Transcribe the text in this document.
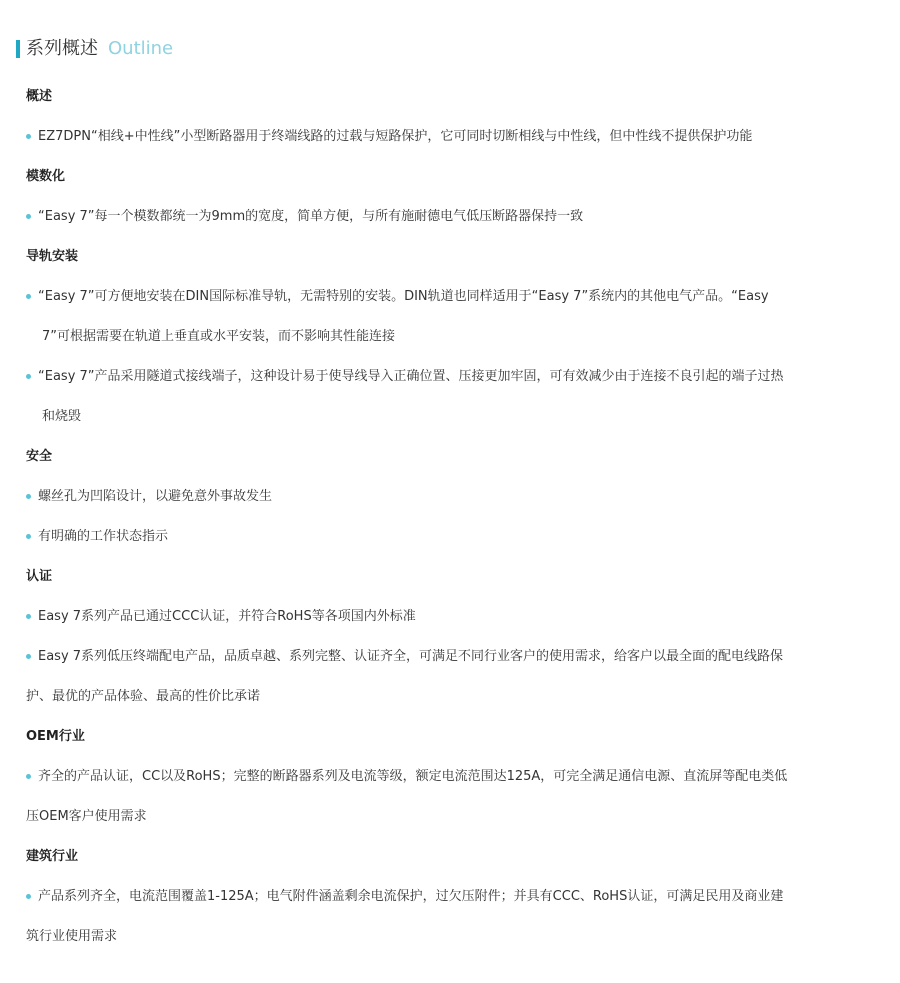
系列概述 Outline
概述
EZ7DPN“相线+中性线”小型断路器用于终端线路的过载与短路保护，它可同时切断相线与中性线，但中性线不提供保护功能
模数化
“Easy 7”每一个模数都统一为9mm的宽度，简单方便，与所有施耐德电气低压断路器保持一致
导轨安装
“Easy 7”可方便地安装在DIN国际标准导轨，无需特别的安装。DIN轨道也同样适用于“Easy 7”系统内的其他电气产品。“Easy
7”可根据需要在轨道上垂直或水平安装，而不影响其性能连接
“Easy 7”产品采用隧道式接线端子，这种设计易于使导线导入正确位置、压接更加牢固，可有效减少由于连接不良引起的端子过热
和烧毁
安全
螺丝孔为凹陷设计，以避免意外事故发生
有明确的工作状态指示
认证
Easy 7系列产品已通过CCC认证，并符合RoHS等各项国内外标准
Easy 7系列低压终端配电产品，品质卓越、系列完整、认证齐全，可满足不同行业客户的使用需求，给客户以最全面的配电线路保
护、最优的产品体验、最高的性价比承诺
OEM行业
齐全的产品认证，CC以及RoHS；完整的断路器系列及电流等级，额定电流范围达125A，可完全满足通信电源、直流屏等配电类低
压OEM客户使用需求
建筑行业
产品系列齐全，电流范围覆盖1-125A；电气附件涵盖剩余电流保护，过欠压附件；并具有CCC、RoHS认证，可满足民用及商业建
筑行业使用需求
